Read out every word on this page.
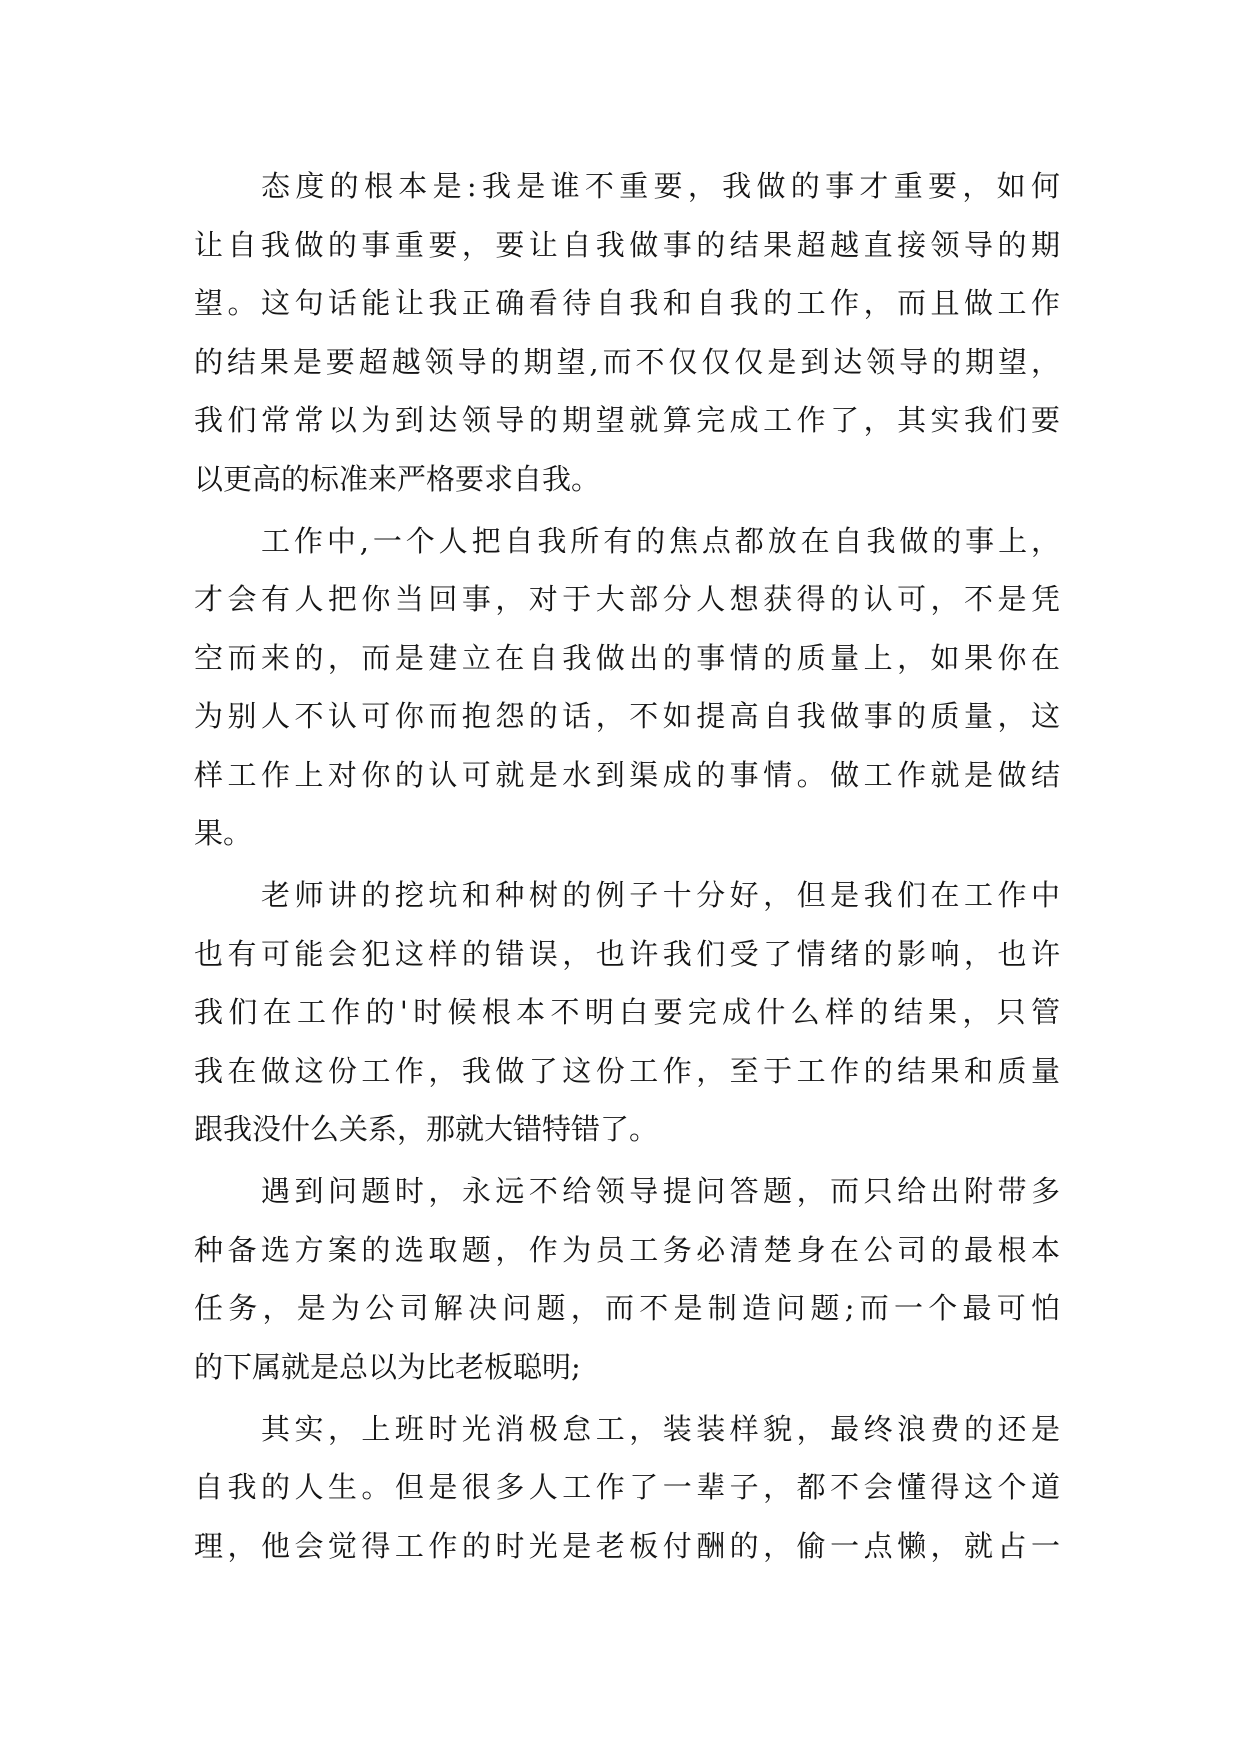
态度的根本是:我是谁不重要，我做的事才重要，如何
让自我做的事重要，要让自我做事的结果超越直接领导的期
望。这句话能让我正确看待自我和自我的工作，而且做工作
的结果是要超越领导的期望,而不仅仅仅是到达领导的期望，
我们常常以为到达领导的期望就算完成工作了，其实我们要
以更高的标准来严格要求自我。
工作中,一个人把自我所有的焦点都放在自我做的事上，
才会有人把你当回事，对于大部分人想获得的认可，不是凭
空而来的，而是建立在自我做出的事情的质量上，如果你在
为别人不认可你而抱怨的话，不如提高自我做事的质量，这
样工作上对你的认可就是水到渠成的事情。做工作就是做结
果。
老师讲的挖坑和种树的例子十分好，但是我们在工作中
也有可能会犯这样的错误，也许我们受了情绪的影响，也许
我们在工作的'时候根本不明白要完成什么样的结果，只管
我在做这份工作，我做了这份工作，至于工作的结果和质量
跟我没什么关系，那就大错特错了。
遇到问题时，永远不给领导提问答题，而只给出附带多
种备选方案的选取题，作为员工务必清楚身在公司的最根本
任务，是为公司解决问题，而不是制造问题;而一个最可怕
的下属就是总以为比老板聪明;
其实，上班时光消极怠工，装装样貌，最终浪费的还是
自我的人生。但是很多人工作了一辈子，都不会懂得这个道
理，他会觉得工作的时光是老板付酬的，偷一点懒，就占一
